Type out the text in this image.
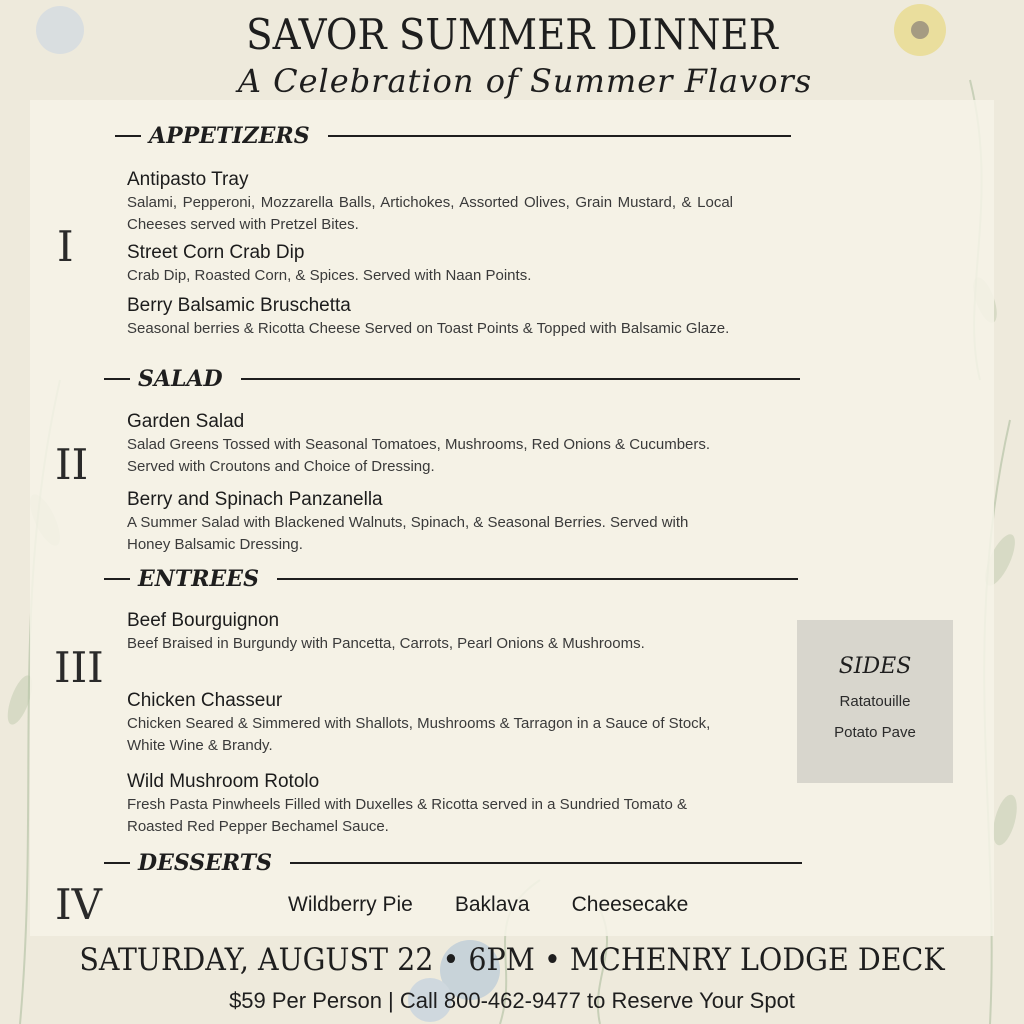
SAVOR SUMMER DINNER
A Celebration of Summer Flavors
APPETIZERS
I
Antipasto Tray
Salami, Pepperoni, Mozzarella Balls, Artichokes, Assorted Olives, Grain Mustard, & Local Cheeses served with Pretzel Bites.
Street Corn Crab Dip
Crab Dip, Roasted Corn, & Spices. Served with Naan Points.
Berry Balsamic Bruschetta
Seasonal berries & Ricotta Cheese Served on Toast Points & Topped with Balsamic Glaze.
SALAD
II
Garden Salad
Salad Greens Tossed with Seasonal Tomatoes, Mushrooms, Red Onions & Cucumbers. Served with Croutons and Choice of Dressing.
Berry and Spinach Panzanella
A Summer Salad with Blackened Walnuts, Spinach, & Seasonal Berries. Served with Honey Balsamic Dressing.
ENTREES
III
Beef Bourguignon
Beef Braised in Burgundy with Pancetta, Carrots, Pearl Onions & Mushrooms.
Chicken Chasseur
Chicken Seared & Simmered with Shallots, Mushrooms & Tarragon in a Sauce of Stock, White Wine & Brandy.
Wild Mushroom Rotolo
Fresh Pasta Pinwheels Filled with Duxelles & Ricotta served in a Sundried Tomato & Roasted Red Pepper Bechamel Sauce.
SIDES
Ratatouille
Potato Pave
DESSERTS
IV	Wildberry Pie Baklava Cheesecake
SATURDAY, AUGUST 22 • 6PM • MCHENRY LODGE DECK
$59 Per Person | Call 800-462-9477 to Reserve Your Spot
